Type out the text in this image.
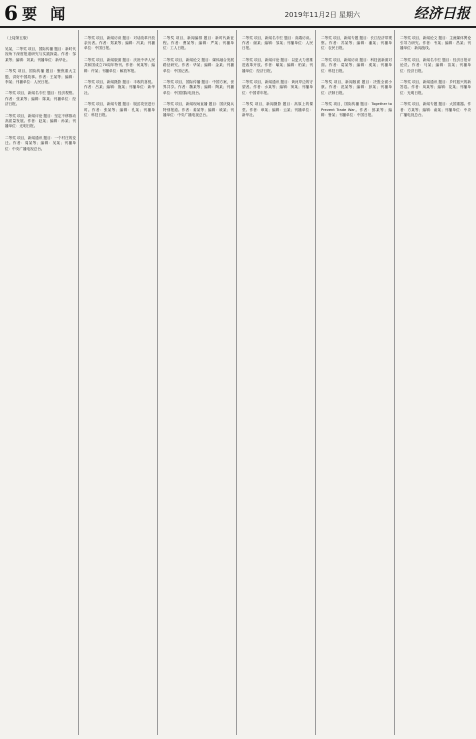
6 要 闻	2019年11月2日 星期六	经济日报

（上接第五版）

吴某，二等奖 项目，国际传播 题目：新时代视角下深度报道研究与实践探索。作者：邹某等；编辑：刘某；刊播单位：新华社。

二等奖 项目，国际传播 题目：聚焦重大主题，讲好中国故事。作者：王某等；编辑：李某；刊播单位：人民日报。

二等奖 项目，新闻名专栏 题目：经济观察。作者：张某等；编辑：陈某；刊播单位：经济日报。

二等奖 项目，新闻评论 题目：坚定不移推动高质量发展。作者：赵某；编辑：孙某；刊播单位：光明日报。

二等奖 项目，新闻通讯 题目：一个村庄的变迁。作者：周某等；编辑：吴某；刊播单位：中央广播电视总台。

二等奖 项目，新闻访谈 题目：对话改革开放亲历者。作者：郑某等；编辑：冯某；刊播单位：中国日报。

二等奖 项目，新闻版面 题目：庆祝中华人民共和国成立70周年特刊。作者：何某等；编辑：许某；刊播单位：解放军报。

二等奖 项目，新闻摄影 题目：丰收的喜悦。作者：吕某；编辑：施某；刊播单位：新华社。

二等奖 项目，新闻专题 题目：脱贫攻坚进行时。作者：张某等；编辑：孔某；刊播单位：科技日报。

二等奖 项目，新闻编排 题目：新时代新征程。作者：曹某等；编辑：严某；刊播单位：工人日报。

二等奖 项目，新闻论文 题目：媒体融合发展路径研究。作者：华某；编辑：金某；刊播单位：中国记者。

二等奖 项目，国际传播 题目：中国方案，世界共享。作者：魏某等；编辑：陶某；刊播单位：中国国际电视台。

二等奖 项目，新闻现场直播 题目：国庆阅兵特别报道。作者：姜某等；编辑：戚某；刊播单位：中央广播电视总台。

二等奖 项目，新闻名专栏 题目：高端访谈。作者：谢某；编辑：邹某；刊播单位：人民日报。

二等奖 项目，新闻评论 题目：以更大力度推进改革开放。作者：喻某；编辑：柏某；刊播单位：经济日报。

二等奖 项目，新闻通讯 题目：黄河岸边的守望者。作者：水某等；编辑：窦某；刊播单位：中国青年报。

二等奖 项目，新闻摄影 题目：高原上的课堂。作者：章某；编辑：云某；刊播单位：新华社。

二等奖 项目，新闻专题 题目：长江经济带观察。作者：苏某等；编辑：潘某；刊播单位：农民日报。

二等奖 项目，新闻访谈 题目：科技创新面对面。作者：葛某等；编辑：奚某；刊播单位：科技日报。

二等奖 项目，新闻版面 题目：决胜全面小康。作者：范某等；编辑：彭某；刊播单位：法制日报。

二等奖 项目，国际传播 题目：Together to Prevent Trade War。作者：郎某等；编辑：鲁某；刊播单位：中国日报。

二等奖 项目，新闻论文 题目：主流媒体舆论引导力研究。作者：韦某；编辑：昌某；刊播单位：新闻战线。

二等奖 项目，新闻名专栏 题目：经济日报评论员。作者：马某；编辑：苗某；刊播单位：经济日报。

二等奖 项目，新闻通讯 题目：乡村振兴的新答卷。作者：凤某等；编辑：花某；刊播单位：光明日报。

二等奖 项目，新闻专题 题目：大国重器。作者：方某等；编辑：俞某；刊播单位：中央广播电视总台。
